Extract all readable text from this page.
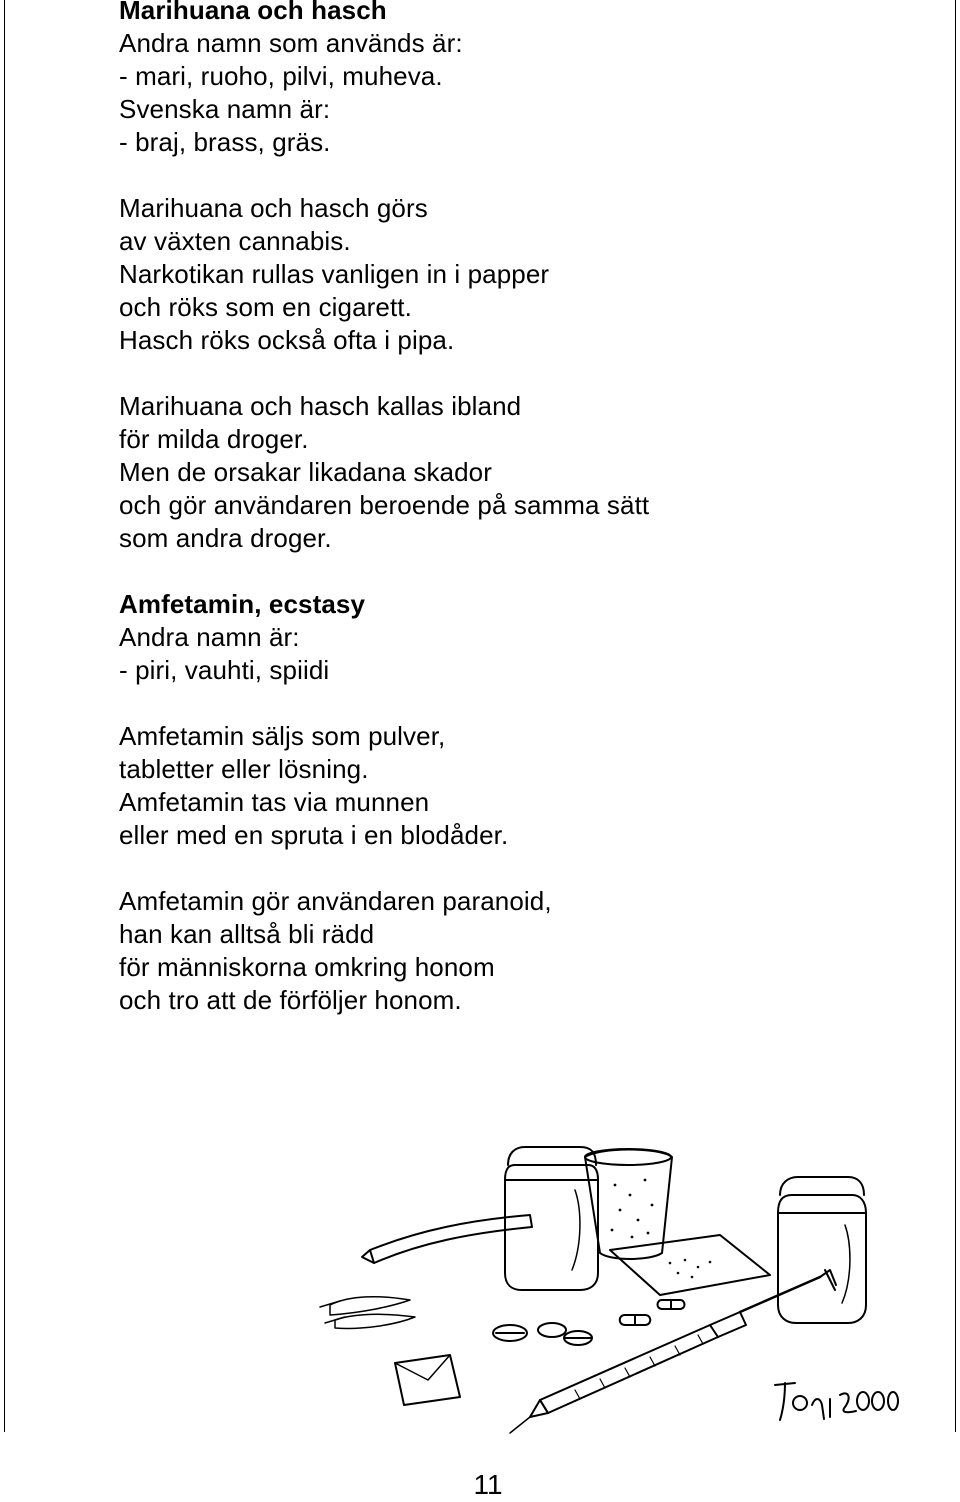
Marihuana och hasch
Andra namn som används är:
- mari, ruoho, pilvi, muheva.
Svenska namn är:
- braj, brass, gräs.
Marihuana och hasch görs
av växten cannabis.
Narkotikan rullas vanligen in i papper
och röks som en cigarett.
Hasch röks också ofta i pipa.
Marihuana och hasch kallas ibland
för milda droger.
Men de orsakar likadana skador
och gör användaren beroende på samma sätt
som andra droger.
Amfetamin, ecstasy
Andra namn är:
- piri, vauhti, spiidi
Amfetamin säljs som pulver,
tabletter eller lösning.
Amfetamin tas via munnen
eller med en spruta i en blodåder.
Amfetamin gör användaren paranoid,
han kan alltså bli rädd
för människorna omkring honom
och tro att de förföljer honom.
11
